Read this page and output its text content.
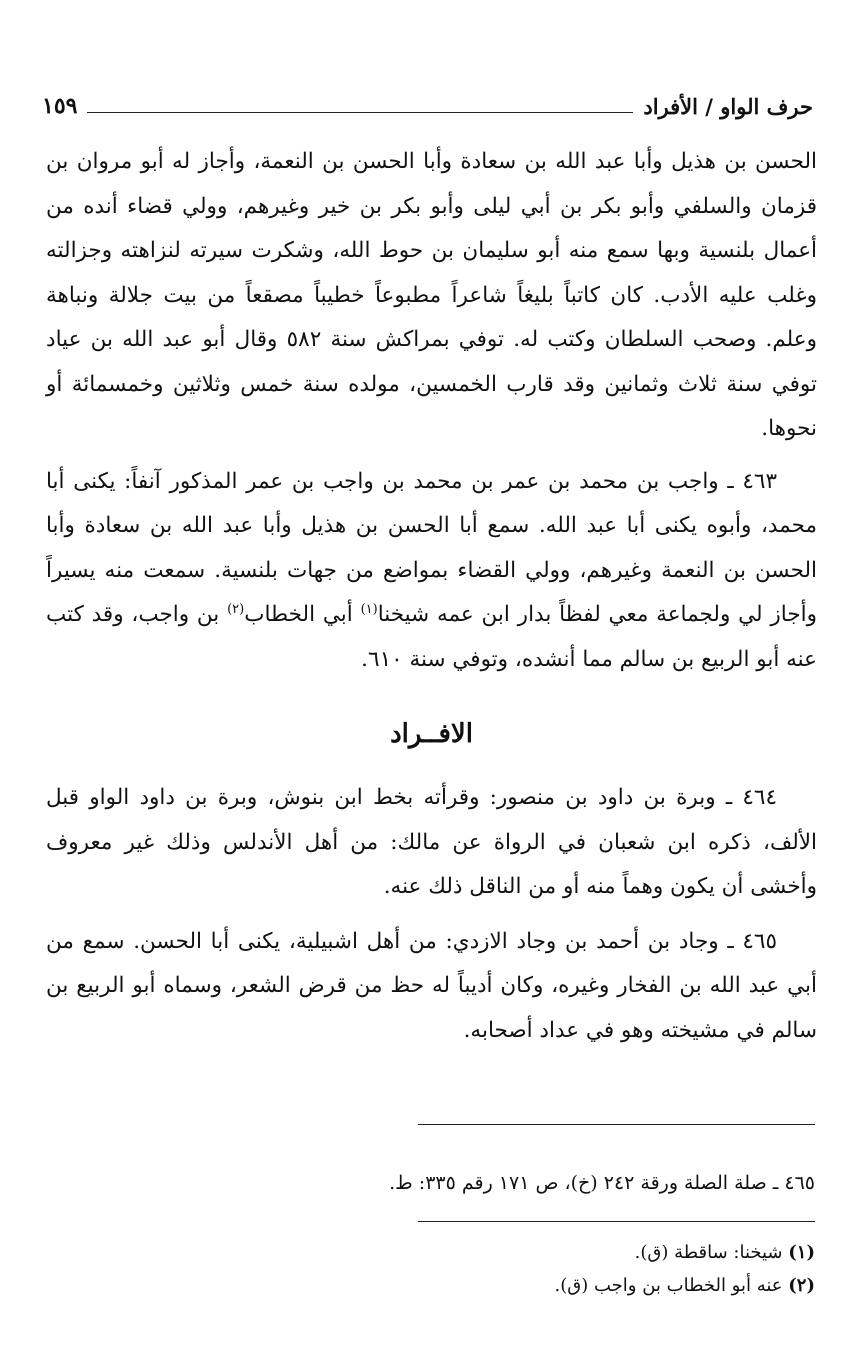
حرف الواو / الأفراد
١٥٩

الحسن بن هذيل وأبا عبد الله بن سعادة وأبا الحسن بن النعمة، وأجاز له أبو مروان بن قزمان والسلفي وأبو بكر بن أبي ليلى وأبو بكر بن خير وغيرهم، وولي قضاء أنده من أعمال بلنسية وبها سمع منه أبو سليمان بن حوط الله، وشكرت سيرته لنزاهته وجزالته وغلب عليه الأدب. كان كاتباً بليغاً شاعراً مطبوعاً خطيباً مصقعاً من بيت جلالة ونباهة وعلم. وصحب السلطان وكتب له. توفي بمراكش سنة ٥٨٢ وقال أبو عبد الله بن عياد توفي سنة ثلاث وثمانين وقد قارب الخمسين، مولده سنة خمس وثلاثين وخمسمائة أو نحوها.

٤٦٣ ـ واجب بن محمد بن عمر بن محمد بن واجب بن عمر المذكور آنفاً: يكنى أبا محمد، وأبوه يكنى أبا عبد الله. سمع أبا الحسن بن هذيل وأبا عبد الله بن سعادة وأبا الحسن بن النعمة وغيرهم، وولي القضاء بمواضع من جهات بلنسية. سمعت منه يسيراً وأجاز لي ولجماعة معي لفظاً بدار ابن عمه شيخنا$^{(١)}$ أبي الخطاب$^{(٢)}$ بن واجب، وقد كتب عنه أبو الربيع بن سالم مما أنشده، وتوفي سنة ٦١٠.

الافــراد

٤٦٤ ـ وبرة بن داود بن منصور: وقرأته بخط ابن بنوش، وبرة بن داود الواو قبل الألف، ذكره ابن شعبان في الرواة عن مالك: من أهل الأندلس وذلك غير معروف وأخشى أن يكون وهماً منه أو من الناقل ذلك عنه.

٤٦٥ ـ وجاد بن أحمد بن وجاد الازدي: من أهل اشبيلية، يكنى أبا الحسن. سمع من أبي عبد الله بن الفخار وغيره، وكان أديباً له حظ من قرض الشعر، وسماه أبو الربيع بن سالم في مشيخته وهو في عداد أصحابه.

٤٦٥ ـ صلة الصلة ورقة ٢٤٢ (خ)، ص ١٧١ رقم ٣٣٥: ط.
(١) شيخنا: ساقطة (ق).
(٢) عنه أبو الخطاب بن واجب (ق).
